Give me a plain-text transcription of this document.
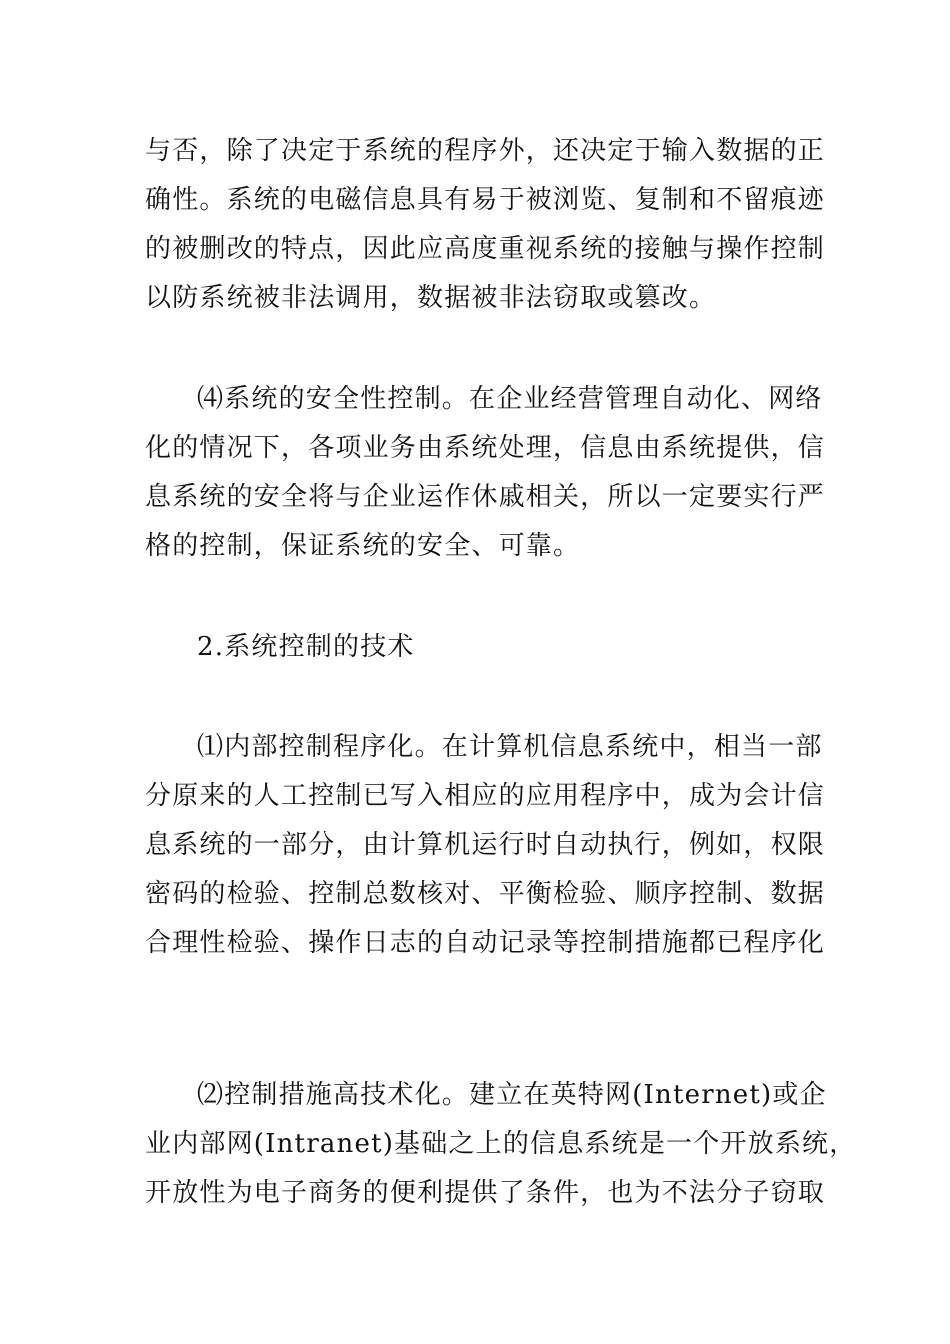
与否，除了决定于系统的程序外，还决定于输入数据的正
确性。系统的电磁信息具有易于被浏览、复制和不留痕迹
的被删改的特点，因此应高度重视系统的接触与操作控制
以防系统被非法调用，数据被非法窃取或篡改。

⑷系统的安全性控制。在企业经营管理自动化、网络
化的情况下，各项业务由系统处理，信息由系统提供，信
息系统的安全将与企业运作休戚相关，所以一定要实行严
格的控制，保证系统的安全、可靠。

2.系统控制的技术

⑴内部控制程序化。在计算机信息系统中，相当一部
分原来的人工控制已写入相应的应用程序中，成为会计信
息系统的一部分，由计算机运行时自动执行，例如，权限
密码的检验、控制总数核对、平衡检验、顺序控制、数据
合理性检验、操作日志的自动记录等控制措施都已程序化

⑵控制措施高技术化。建立在英特网(Internet)或企
业内部网(Intranet)基础之上的信息系统是一个开放系统，
开放性为电子商务的便利提供了条件，也为不法分子窃取
